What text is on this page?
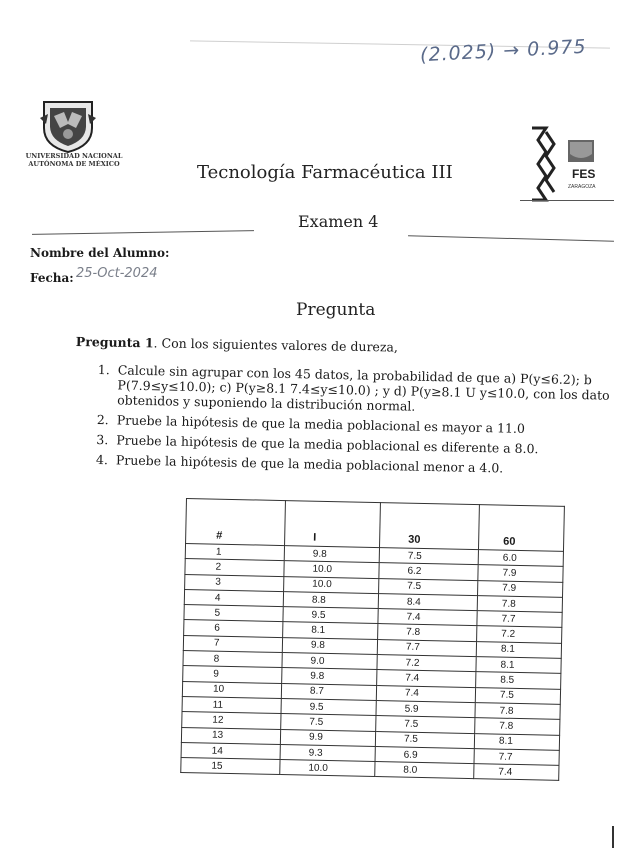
(2.025) → 0.975
UNIVERSIDAD NACIONAL AUTÓNOMA DE MÉXICO
FES
ZARAGOZA
Tecnología Farmacéutica III
Examen 4
Nombre del Alumno:
Fecha: 25-Oct-2024
Pregunta
Pregunta 1. Con los siguientes valores de dureza,
1. Calcule sin agrupar con los 45 datos, la probabilidad de que a) P(y≤6.2); b
P(7.9≤y≤10.0); c) P(y≥8.1 7.4≤y≤10.0) ; y d) P(y≥8.1 U y≤10.0, con los dato
obtenidos y suponiendo la distribución normal.
2. Pruebe la hipótesis de que la media poblacional es mayor a 11.0
3. Pruebe la hipótesis de que la media poblacional es diferente a 8.0.
4. Pruebe la hipótesis de que la media poblacional menor a 4.0.
#	I	30	60
1	9.8	7.5	6.0
2	10.0	6.2	7.9
3	10.0	7.5	7.9
4	8.8	8.4	7.8
5	9.5	7.4	7.7
6	8.1	7.8	7.2
7	9.8	7.7	8.1
8	9.0	7.2	8.1
9	9.8	7.4	8.5
10	8.7	7.4	7.5
11	9.5	5.9	7.8
12	7.5	7.5	7.8
13	9.9	7.5	8.1
14	9.3	6.9	7.7
15	10.0	8.0	7.4
